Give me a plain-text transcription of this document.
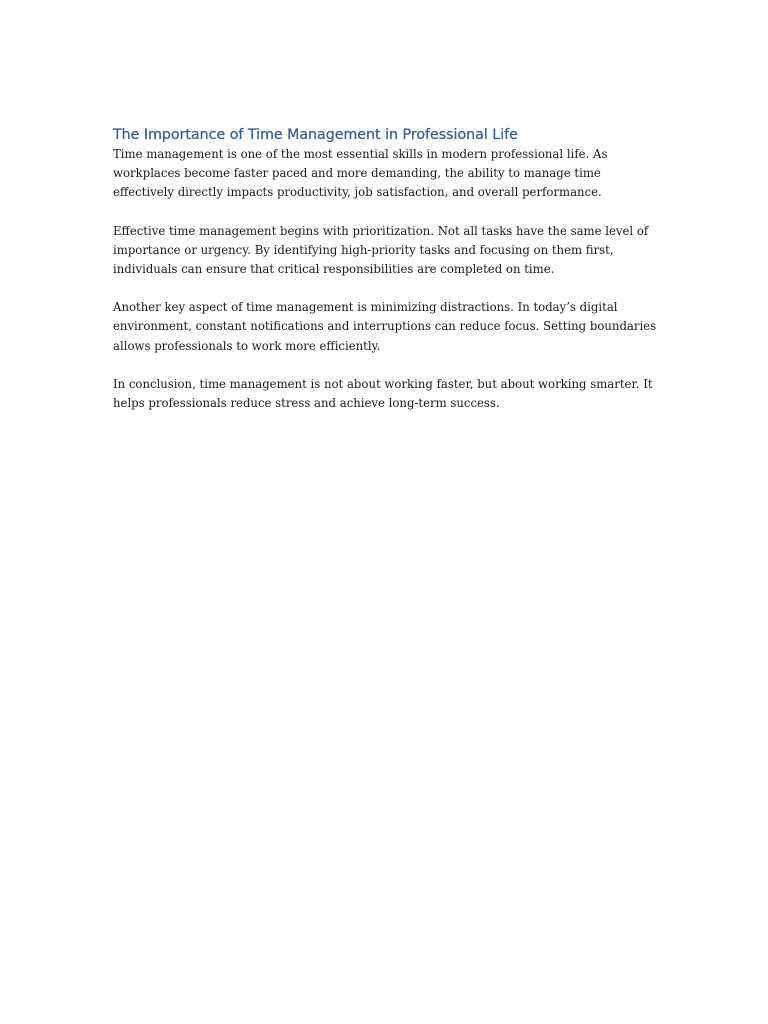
The Importance of Time Management in Professional Life

Time management is one of the most essential skills in modern professional life. As
workplaces become faster paced and more demanding, the ability to manage time
effectively directly impacts productivity, job satisfaction, and overall performance.

Effective time management begins with prioritization. Not all tasks have the same level of
importance or urgency. By identifying high-priority tasks and focusing on them first,
individuals can ensure that critical responsibilities are completed on time.

Another key aspect of time management is minimizing distractions. In today’s digital
environment, constant notifications and interruptions can reduce focus. Setting boundaries
allows professionals to work more efficiently.

In conclusion, time management is not about working faster, but about working smarter. It
helps professionals reduce stress and achieve long-term success.
